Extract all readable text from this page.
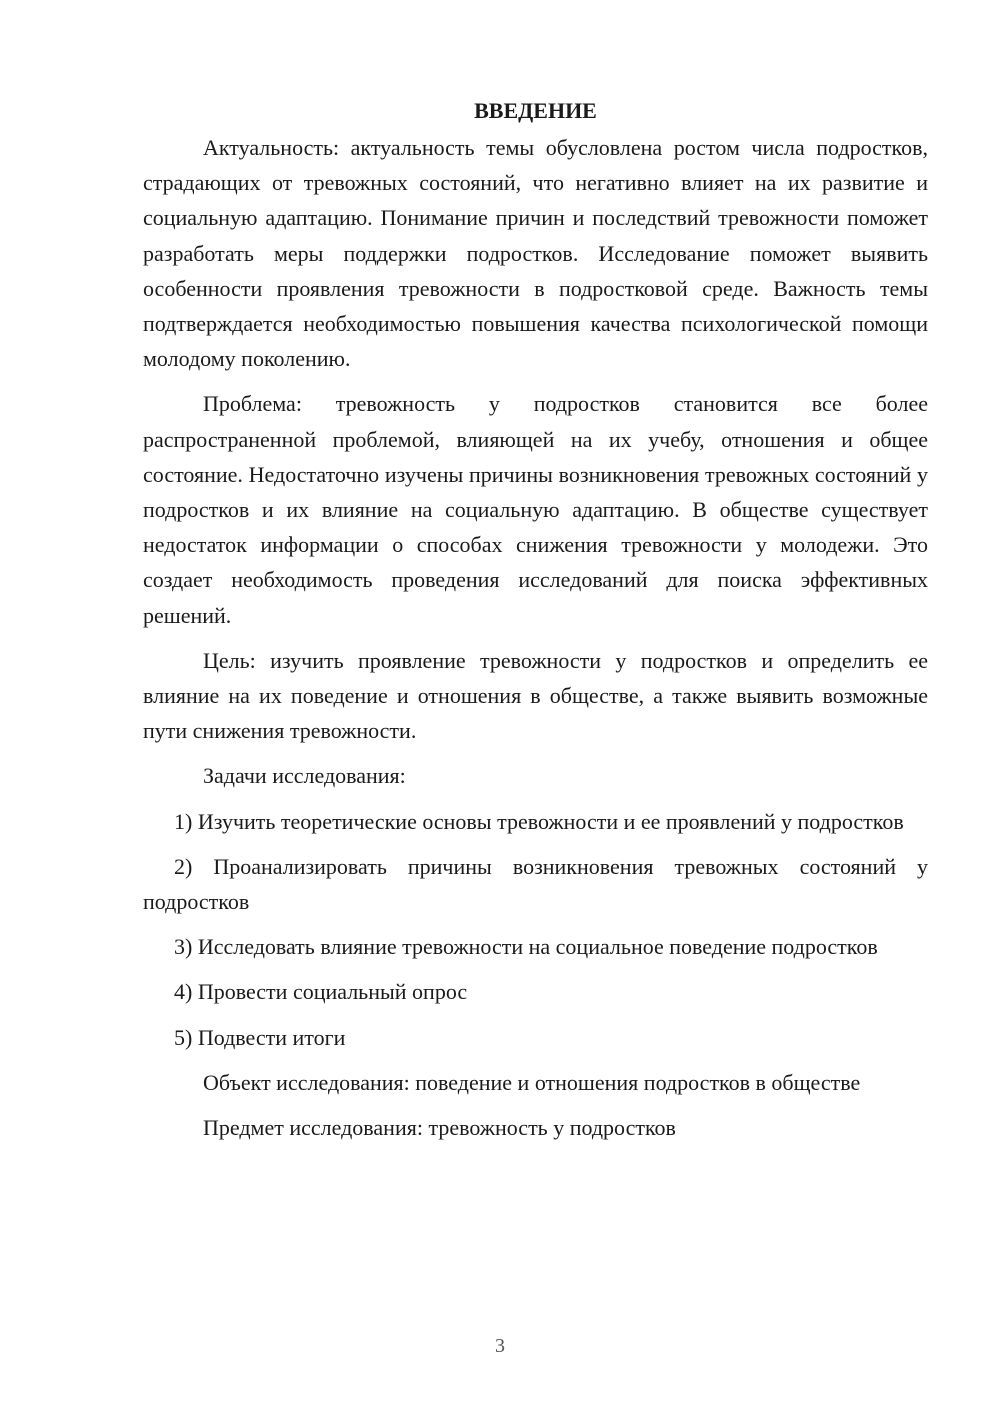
ВВЕДЕНИЕ

Актуальность: актуальность темы обусловлена ростом числа подростков, страдающих от тревожных состояний, что негативно влияет на их развитие и социальную адаптацию. Понимание причин и последствий тревожности поможет разработать меры поддержки подростков. Исследование поможет выявить особенности проявления тревожности в подростковой среде. Важность темы подтверждается необходимостью повышения качества психологической помощи молодому поколению.

Проблема: тревожность у подростков становится все более распространенной проблемой, влияющей на их учебу, отношения и общее состояние. Недостаточно изучены причины возникновения тревожных состояний у подростков и их влияние на социальную адаптацию. В обществе существует недостаток информации о способах снижения тревожности у молодежи. Это создает необходимость проведения исследований для поиска эффективных решений.

Цель: изучить проявление тревожности у подростков и определить ее влияние на их поведение и отношения в обществе, а также выявить возможные пути снижения тревожности.

Задачи исследования:

1) Изучить теоретические основы тревожности и ее проявлений у подростков

2) Проанализировать причины возникновения тревожных состояний у подростков

3) Исследовать влияние тревожности на социальное поведение подростков

4) Провести социальный опрос

5) Подвести итоги

Объект исследования: поведение и отношения подростков в обществе

Предмет исследования: тревожность у подростков

3
